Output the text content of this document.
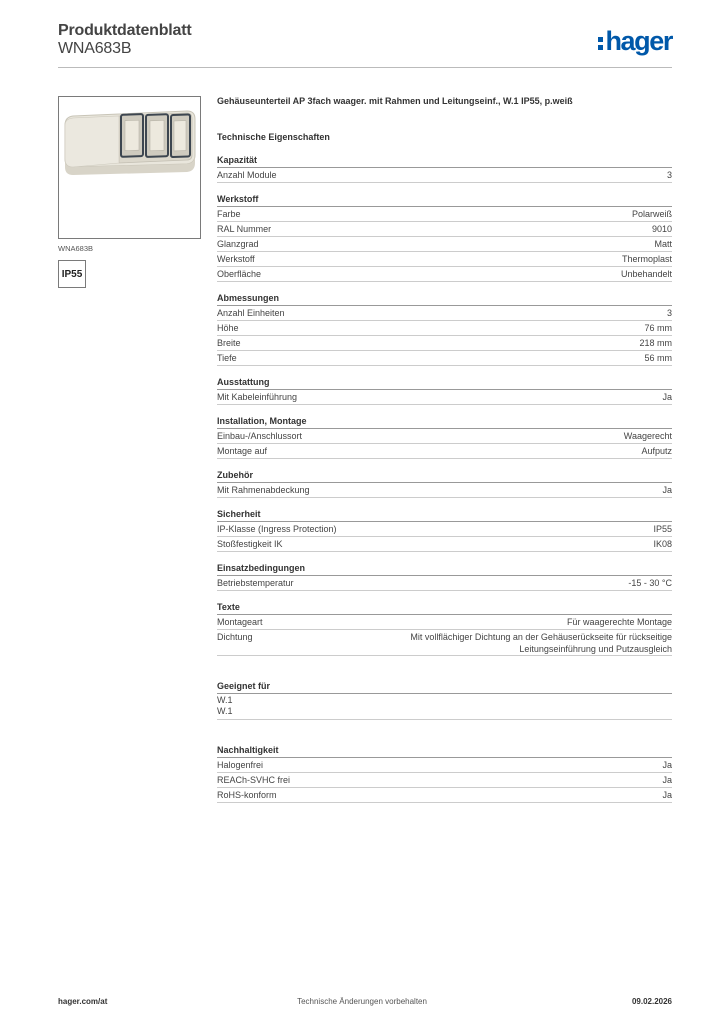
Produktdatenblatt
WNA683B	hager
WNA683B
IP55
Gehäuseunterteil AP 3fach waager. mit Rahmen und Leitungseinf., W.1 IP55, p.weiß
Technische Eigenschaften
Kapazität
Anzahl Module	3
Werkstoff
Farbe	Polarweiß
RAL Nummer	9010
Glanzgrad	Matt
Werkstoff	Thermoplast
Oberfläche	Unbehandelt
Abmessungen
Anzahl Einheiten	3
Höhe	76 mm
Breite	218 mm
Tiefe	56 mm
Ausstattung
Mit Kabeleinführung	Ja
Installation, Montage
Einbau-/Anschlussort	Waagerecht
Montage auf	Aufputz
Zubehör
Mit Rahmenabdeckung	Ja
Sicherheit
IP-Klasse (Ingress Protection)	IP55
Stoßfestigkeit IK	IK08
Einsatzbedingungen
Betriebstemperatur	-15 - 30 °C
Texte
Montageart	Für waagerechte Montage
Dichtung	Mit vollflächiger Dichtung an der Gehäuserückseite für rückseitige Leitungseinführung und Putzausgleich
Geeignet für
W.1
W.1
Nachhaltigkeit
Halogenfrei	Ja
REACh-SVHC frei	Ja
RoHS-konform	Ja
hager.com/at	Technische Änderungen vorbehalten	09.02.2026
